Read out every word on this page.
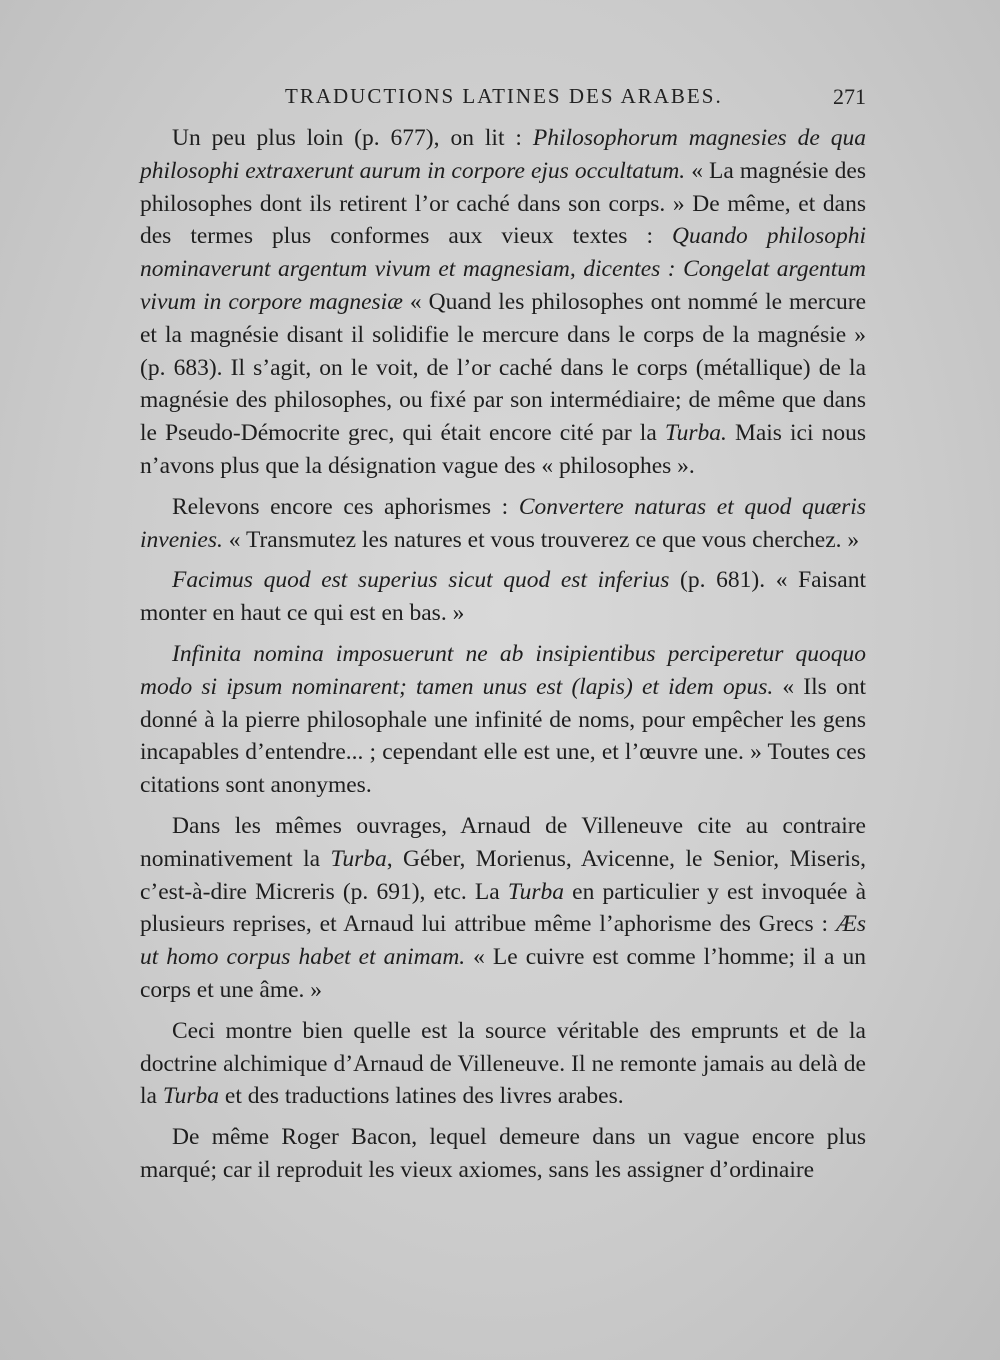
TRADUCTIONS LATINES DES ARABES.	271

Un peu plus loin (p. 677), on lit : Philosophorum magnesies de qua philosophi extraxerunt aurum in corpore ejus occultatum. « La magnésie des philosophes dont ils retirent l’or caché dans son corps. » De même, et dans des termes plus conformes aux vieux textes : Quando philosophi nominaverunt argentum vivum et magnesiam, dicentes : Congelat argentum vivum in corpore magnesiæ « Quand les philosophes ont nommé le mercure et la magnésie disant il solidifie le mercure dans le corps de la magnésie » (p. 683). Il s’agit, on le voit, de l’or caché dans le corps (métallique) de la magnésie des philosophes, ou fixé par son intermédiaire; de même que dans le Pseudo-Démocrite grec, qui était encore cité par la Turba. Mais ici nous n’avons plus que la désignation vague des « philosophes ».

Relevons encore ces aphorismes : Convertere naturas et quod quæris invenies. « Transmutez les natures et vous trouverez ce que vous cherchez. »

Facimus quod est superius sicut quod est inferius (p. 681). « Faisant monter en haut ce qui est en bas. »

Infinita nomina imposuerunt ne ab insipientibus perciperetur quoquo modo si ipsum nominarent; tamen unus est (lapis) et idem opus. « Ils ont donné à la pierre philosophale une infinité de noms, pour empêcher les gens incapables d’entendre... ; cependant elle est une, et l’œuvre une. » Toutes ces citations sont anonymes.

Dans les mêmes ouvrages, Arnaud de Villeneuve cite au contraire nominativement la Turba, Géber, Morienus, Avicenne, le Senior, Miseris, c’est-à-dire Micreris (p. 691), etc. La Turba en particulier y est invoquée à plusieurs reprises, et Arnaud lui attribue même l’aphorisme des Grecs : Æs ut homo corpus habet et animam. « Le cuivre est comme l’homme; il a un corps et une âme. »

Ceci montre bien quelle est la source véritable des emprunts et de la doctrine alchimique d’Arnaud de Villeneuve. Il ne remonte jamais au delà de la Turba et des traductions latines des livres arabes.

De même Roger Bacon, lequel demeure dans un vague encore plus marqué; car il reproduit les vieux axiomes, sans les assigner d’ordinaire
